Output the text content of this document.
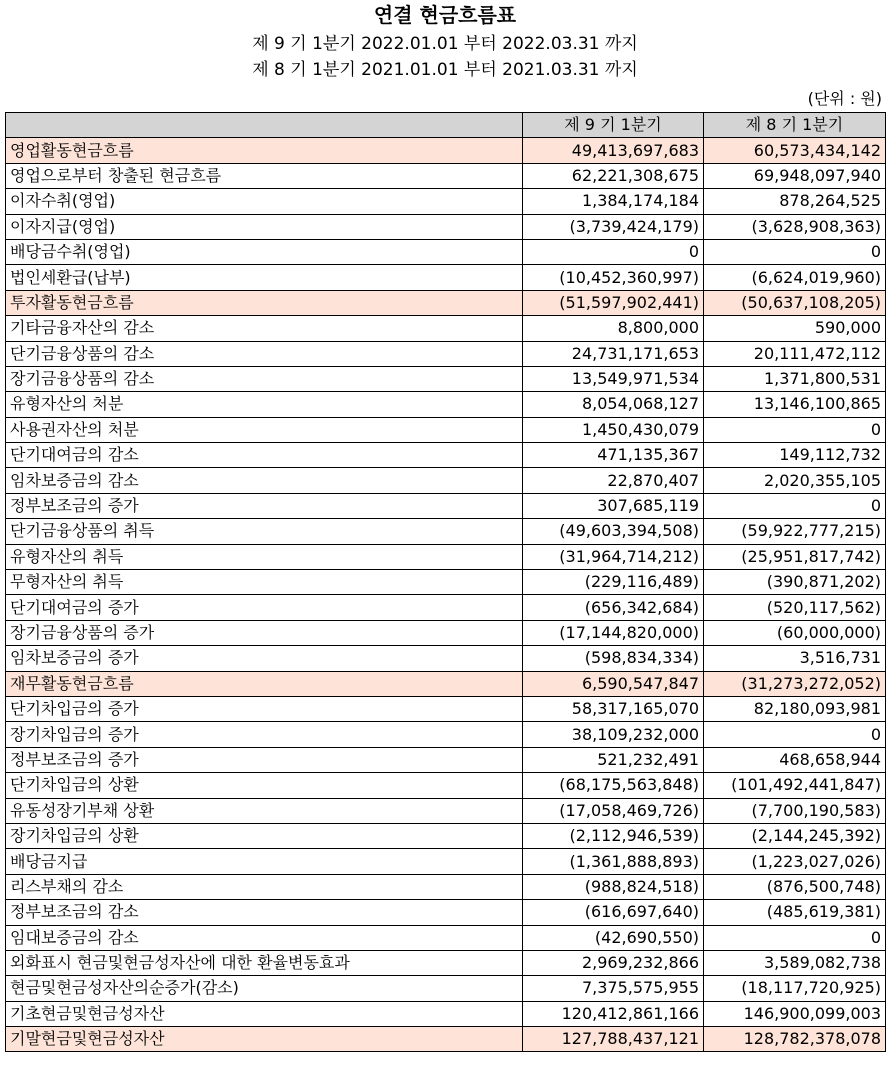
연결 현금흐름표
제 9 기 1분기 2022.01.01 부터 2022.03.31 까지
제 8 기 1분기 2021.01.01 부터 2021.03.31 까지
(단위 : 원)
	제 9 기 1분기	제 8 기 1분기
영업활동현금흐름	49,413,697,683	60,573,434,142
영업으로부터 창출된 현금흐름	62,221,308,675	69,948,097,940
이자수취(영업)	1,384,174,184	878,264,525
이자지급(영업)	(3,739,424,179)	(3,628,908,363)
배당금수취(영업)	0	0
법인세환급(납부)	(10,452,360,997)	(6,624,019,960)
투자활동현금흐름	(51,597,902,441)	(50,637,108,205)
기타금융자산의 감소	8,800,000	590,000
단기금융상품의 감소	24,731,171,653	20,111,472,112
장기금융상품의 감소	13,549,971,534	1,371,800,531
유형자산의 처분	8,054,068,127	13,146,100,865
사용권자산의 처분	1,450,430,079	0
단기대여금의 감소	471,135,367	149,112,732
임차보증금의 감소	22,870,407	2,020,355,105
정부보조금의 증가	307,685,119	0
단기금융상품의 취득	(49,603,394,508)	(59,922,777,215)
유형자산의 취득	(31,964,714,212)	(25,951,817,742)
무형자산의 취득	(229,116,489)	(390,871,202)
단기대여금의 증가	(656,342,684)	(520,117,562)
장기금융상품의 증가	(17,144,820,000)	(60,000,000)
임차보증금의 증가	(598,834,334)	3,516,731
재무활동현금흐름	6,590,547,847	(31,273,272,052)
단기차입금의 증가	58,317,165,070	82,180,093,981
장기차입금의 증가	38,109,232,000	0
정부보조금의 증가	521,232,491	468,658,944
단기차입금의 상환	(68,175,563,848)	(101,492,441,847)
유동성장기부채 상환	(17,058,469,726)	(7,700,190,583)
장기차입금의 상환	(2,112,946,539)	(2,144,245,392)
배당금지급	(1,361,888,893)	(1,223,027,026)
리스부채의 감소	(988,824,518)	(876,500,748)
정부보조금의 감소	(616,697,640)	(485,619,381)
임대보증금의 감소	(42,690,550)	0
외화표시 현금및현금성자산에 대한 환율변동효과	2,969,232,866	3,589,082,738
현금및현금성자산의순증가(감소)	7,375,575,955	(18,117,720,925)
기초현금및현금성자산	120,412,861,166	146,900,099,003
기말현금및현금성자산	127,788,437,121	128,782,378,078
